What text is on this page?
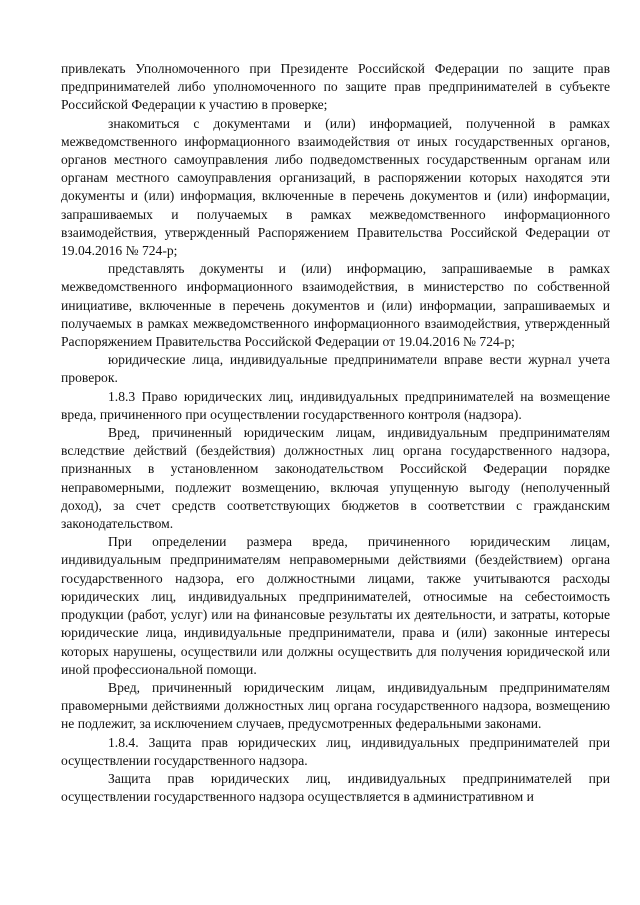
привлекать Уполномоченного при Президенте Российской Федерации по защите прав предпринимателей либо уполномоченного по защите прав предпринимателей в субъекте Российской Федерации к участию в проверке;

знакомиться с документами и (или) информацией, полученной в рамках межведомственного информационного взаимодействия от иных государственных органов, органов местного самоуправления либо подведомственных государственным органам или органам местного самоуправления организаций, в распоряжении которых находятся эти документы и (или) информация, включенные в перечень документов и (или) информации, запрашиваемых и получаемых в рамках межведомственного информационного взаимодействия, утвержденный Распоряжением Правительства Российской Федерации от 19.04.2016 № 724-р;

представлять документы и (или) информацию, запрашиваемые в рамках межведомственного информационного взаимодействия, в министерство по собственной инициативе, включенные в перечень документов и (или) информации, запрашиваемых и получаемых в рамках межведомственного информационного взаимодействия, утвержденный Распоряжением Правительства Российской Федерации от 19.04.2016 № 724-р;

юридические лица, индивидуальные предприниматели вправе вести журнал учета проверок.

1.8.3 Право юридических лиц, индивидуальных предпринимателей на возмещение вреда, причиненного при осуществлении государственного контроля (надзора).

Вред, причиненный юридическим лицам, индивидуальным предпринимателям вследствие действий (бездействия) должностных лиц органа государственного надзора, признанных в установленном законодательством Российской Федерации порядке неправомерными, подлежит возмещению, включая упущенную выгоду (неполученный доход), за счет средств соответствующих бюджетов в соответствии с гражданским законодательством.

При определении размера вреда, причиненного юридическим лицам, индивидуальным предпринимателям неправомерными действиями (бездействием) органа государственного надзора, его должностными лицами, также учитываются расходы юридических лиц, индивидуальных предпринимателей, относимые на себестоимость продукции (работ, услуг) или на финансовые результаты их деятельности, и затраты, которые юридические лица, индивидуальные предприниматели, права и (или) законные интересы которых нарушены, осуществили или должны осуществить для получения юридической или иной профессиональной помощи.

Вред, причиненный юридическим лицам, индивидуальным предпринимателям правомерными действиями должностных лиц органа государственного надзора, возмещению не подлежит, за исключением случаев, предусмотренных федеральными законами.

1.8.4. Защита прав юридических лиц, индивидуальных предпринимателей при осуществлении государственного надзора.

Защита прав юридических лиц, индивидуальных предпринимателей при осуществлении государственного надзора осуществляется в административном и
